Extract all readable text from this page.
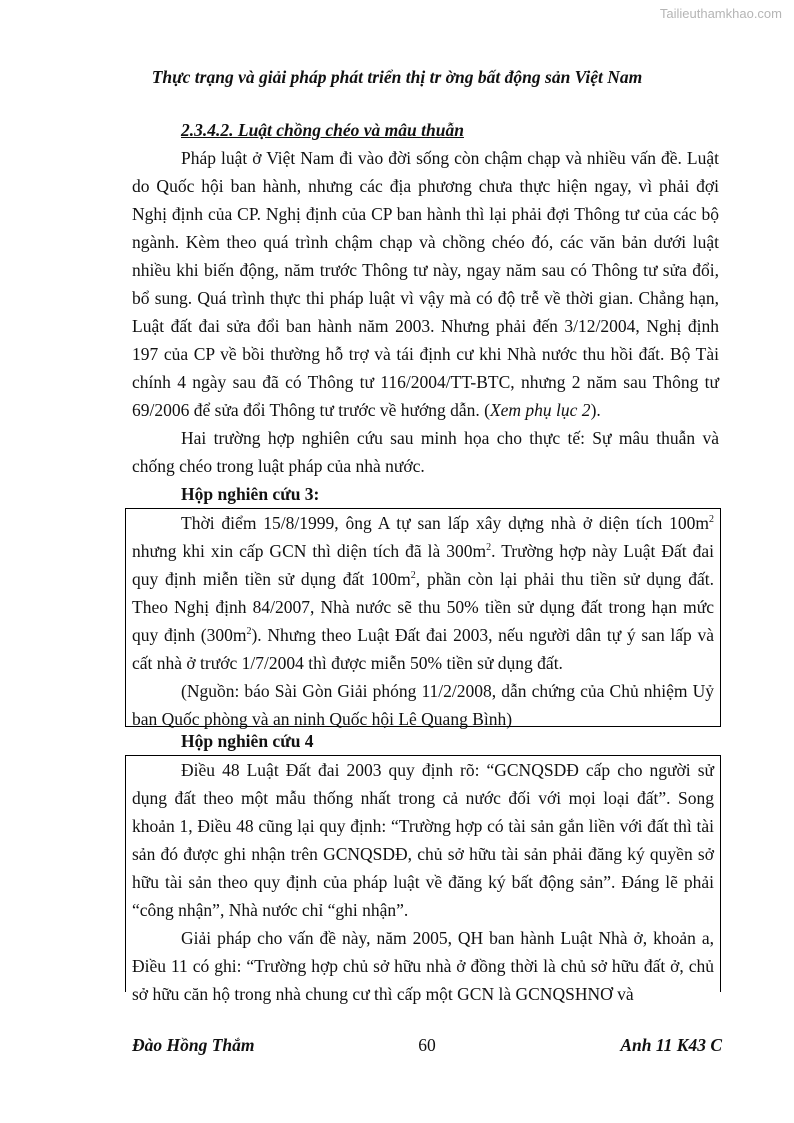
Tailieuthamkhao.com
Thực trạng và giải pháp phát triển thị tr ờng bất động sản Việt Nam
2.3.4.2. Luật chồng chéo và mâu thuẫn

Pháp luật ở Việt Nam đi vào đời sống còn chậm chạp và nhiều vấn đề. Luật do Quốc hội ban hành, nhưng các địa phương chưa thực hiện ngay, vì phải đợi Nghị định của CP. Nghị định của CP ban hành thì lại phải đợi Thông tư của các bộ ngành. Kèm theo quá trình chậm chạp và chồng chéo đó, các văn bản dưới luật nhiều khi biến động, năm trước Thông tư này, ngay năm sau có Thông tư sửa đổi, bổ sung. Quá trình thực thi pháp luật vì vậy mà có độ trễ về thời gian. Chẳng hạn, Luật đất đai sửa đổi ban hành năm 2003. Nhưng phải đến 3/12/2004, Nghị định 197 của CP về bồi thường hỗ trợ và tái định cư khi Nhà nước thu hồi đất. Bộ Tài chính 4 ngày sau đã có Thông tư 116/2004/TT-BTC, nhưng 2 năm sau Thông tư 69/2006 để sửa đổi Thông tư trước về hướng dẫn. (Xem phụ lục 2).

Hai trường hợp nghiên cứu sau minh họa cho thực tế: Sự mâu thuẫn và chống chéo trong luật pháp của nhà nước.

Hộp nghiên cứu 3:

Thời điểm 15/8/1999, ông A tự san lấp xây dựng nhà ở diện tích $100m^2$ nhưng khi xin cấp GCN thì diện tích đã là $300m^2$. Trường hợp này Luật Đất đai quy định miễn tiền sử dụng đất $100m^2$, phần còn lại phải thu tiền sử dụng đất. Theo Nghị định 84/2007, Nhà nước sẽ thu 50% tiền sử dụng đất trong hạn mức quy định $(300m^2)$. Nhưng theo Luật Đất đai 2003, nếu người dân tự ý san lấp và cất nhà ở trước 1/7/2004 thì được miễn 50% tiền sử dụng đất.

(Nguồn: báo Sài Gòn Giải phóng 11/2/2008, dẫn chứng của Chủ nhiệm Uỷ ban Quốc phòng và an ninh Quốc hội Lê Quang Bình)

Hộp nghiên cứu 4

Điều 48 Luật Đất đai 2003 quy định rõ: “GCNQSDĐ cấp cho người sử dụng đất theo một mẫu thống nhất trong cả nước đối với mọi loại đất”. Song khoản 1, Điều 48 cũng lại quy định: “Trường hợp có tài sản gắn liền với đất thì tài sản đó được ghi nhận trên GCNQSDĐ, chủ sở hữu tài sản phải đăng ký quyền sở hữu tài sản theo quy định của pháp luật về đăng ký bất động sản”. Đáng lẽ phải “công nhận”, Nhà nước chỉ “ghi nhận”.

Giải pháp cho vấn đề này, năm 2005, QH ban hành Luật Nhà ở, khoản a, Điều 11 có ghi: “Trường hợp chủ sở hữu nhà ở đồng thời là chủ sở hữu đất ở, chủ sở hữu căn hộ trong nhà chung cư thì cấp một GCN là GCNQSHNƠ và

Đào Hồng Thắm	60	Anh 11 K43 C
